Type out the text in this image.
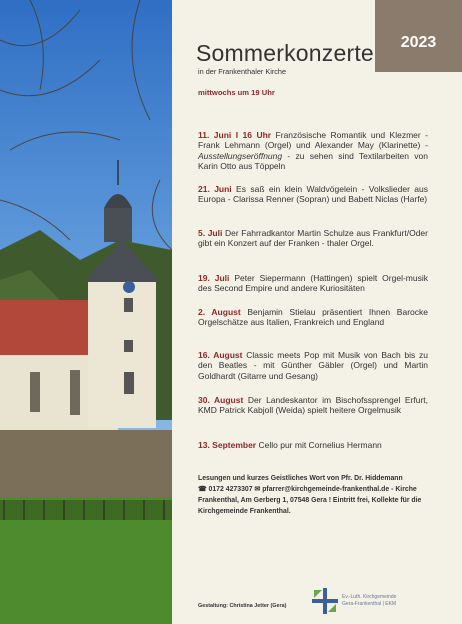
2023
Sommerkonzerte
in der Frankenthaler Kirche
mittwochs um 19 Uhr
11. Juni I 16 Uhr Französische Romantik und Klezmer - Frank Lehmann (Orgel) und Alexander May (Klarinette) - Ausstellungseröffnung - zu sehen sind Textilarbeiten von Karin Otto aus Töppeln
21. Juni Es saß ein klein Waldvögelein - Volkslieder aus Europa - Clarissa Renner (Sopran) und Babett Niclas (Harfe)
5. Juli Der Fahrradkantor Martin Schulze aus Frankfurt/Oder gibt ein Konzert auf der Franken - thaler Orgel.
19. Juli Peter Siepermann (Hattingen) spielt Orgel-musik des Second Empire und andere Kuriositäten
2. August Benjamin Stielau präsentiert Ihnen Barocke Orgelschätze aus Italien, Frankreich und England
16. August Classic meets Pop mit Musik von Bach bis zu den Beatles - mit Günther Gäbler (Orgel) und Martin Goldhardt (Gitarre und Gesang)
30. August Der Landeskantor im Bischofssprengel Erfurt, KMD Patrick Kabjoll (Weida) spielt heitere Orgelmusik
13. September Cello pur mit Cornelius Hermann
Lesungen und kurzes Geistliches Wort von Pfr. Dr. Hiddemann
☎ 0172 4273307 ✉ pfarrer@kirchgemeinde-frankenthal.de - Kirche Frankenthal, Am Gerberg 1, 07548 Gera ! Eintritt frei, Kollekte für die Kirchgemeinde Frankenthal.
Gestaltung: Christina Jetter (Gera)
Ev.-Luth. Kirchgemeinde
Gera-Frankenthal | EKM
